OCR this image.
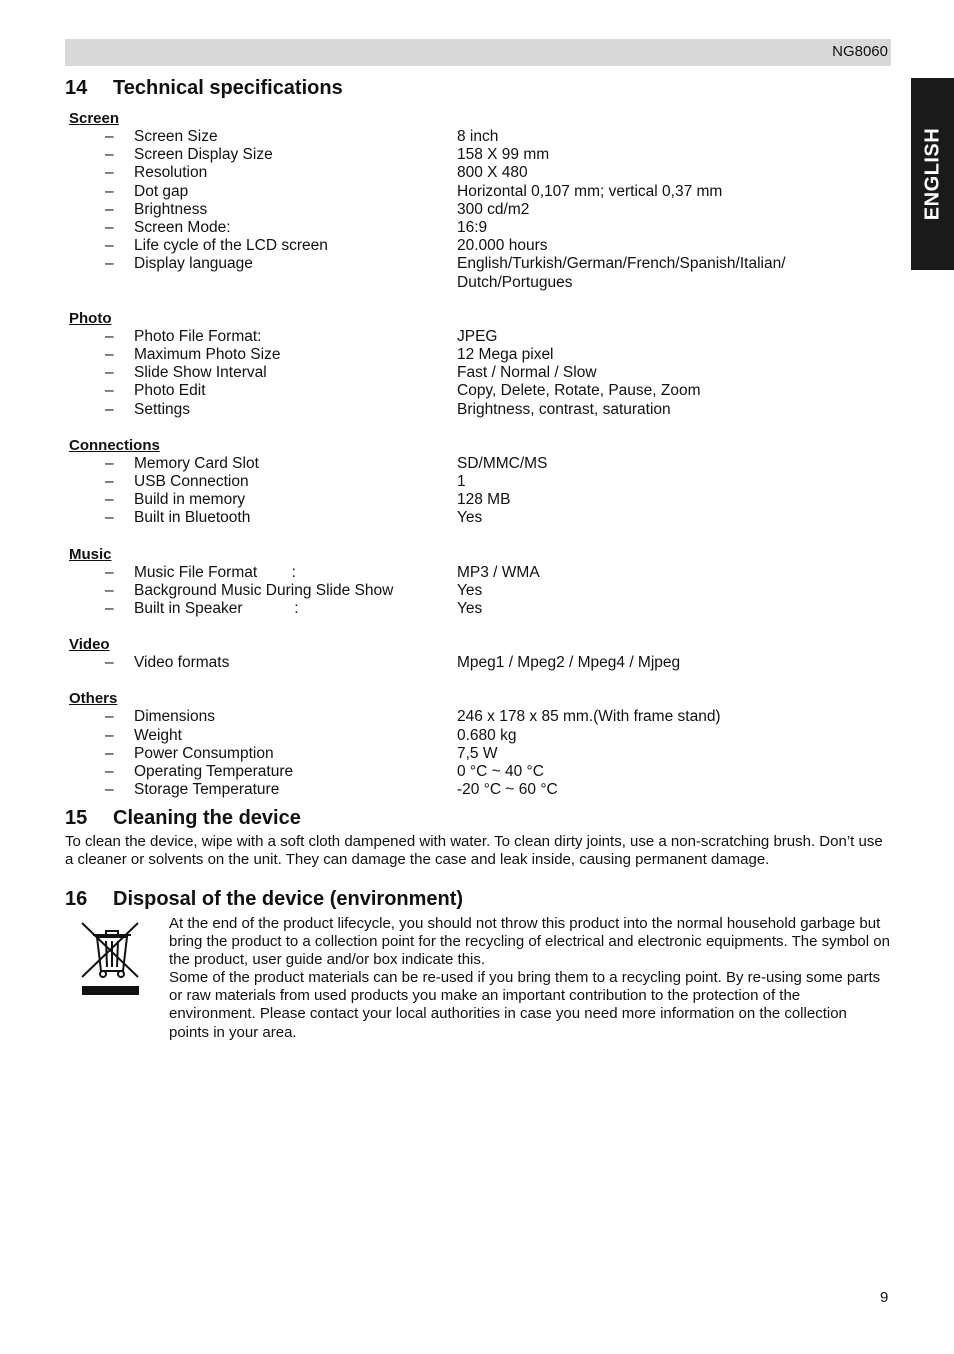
NG8060
ENGLISH
14 Technical specifications
Screen
–	Screen Size	8 inch
–	Screen Display Size	158 X 99 mm
–	Resolution	800 X 480
–	Dot gap	Horizontal 0,107 mm; vertical 0,37 mm
–	Brightness	300 cd/m2
–	Screen Mode:	16:9
–	Life cycle of the LCD screen	20.000 hours
–	Display language	English/Turkish/German/French/Spanish/Italian/ Dutch/Portugues
Photo
–	Photo File Format:	JPEG
–	Maximum Photo Size	12 Mega pixel
–	Slide Show Interval	Fast / Normal / Slow
–	Photo Edit	Copy, Delete, Rotate, Pause, Zoom
–	Settings	Brightness, contrast, saturation
Connections
–	Memory Card Slot	SD/MMC/MS
–	USB Connection	1
–	Build in memory	128 MB
–	Built in Bluetooth	Yes
Music
–	Music File Format        :	MP3 / WMA
–	Background Music During Slide Show	Yes
–	Built in Speaker            :	Yes
Video
–	Video formats	Mpeg1 / Mpeg2 / Mpeg4 / Mjpeg
Others
–	Dimensions	246 x 178 x 85 mm.(With frame stand)
–	Weight	0.680 kg
–	Power Consumption	7,5 W
–	Operating Temperature	0 °C ~ 40 °C
–	Storage Temperature	-20 °C ~ 60 °C
15 Cleaning the device

To clean the device, wipe with a soft cloth dampened with water. To clean dirty joints, use a non-scratching brush. Don’t use a cleaner or solvents on the unit. They can damage the case and leak inside, causing permanent damage.

16 Disposal of the device (environment)

At the end of the product lifecycle, you should not throw this product into the normal household garbage but bring the product to a collection point for the recycling of electrical and electronic equipments. The symbol on the product, user guide and/or box indicate this.

Some of the product materials can be re-used if you bring them to a recycling point. By re-using some parts or raw materials from used products you make an important contribution to the protection of the environment. Please contact your local authorities in case you need more information on the collection points in your area.

9
